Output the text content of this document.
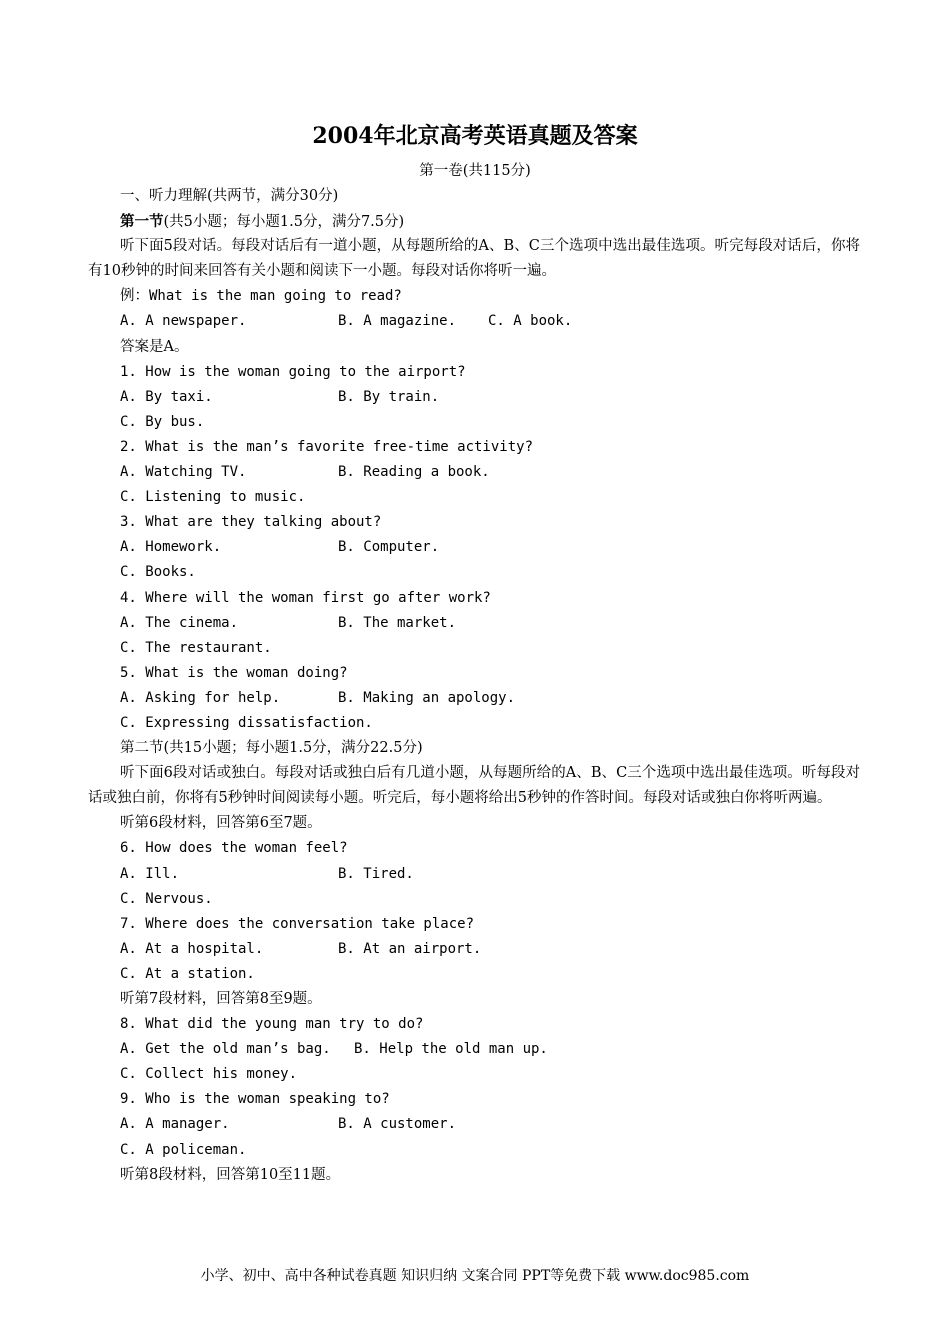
2004年北京高考英语真题及答案
第一卷(共115分)
一、听力理解(共两节，满分30分)
第一节(共5小题；每小题1.5分，满分7.5分)
听下面5段对话。每段对话后有一道小题，从每题所给的A、B、C三个选项中选出最佳选项。听完每段对话后，你将有10秒钟的时间来回答有关小题和阅读下一小题。每段对话你将听一遍。
例：What is the man going to read?
A. A newspaper.	B. A magazine. C. A book.
答案是A。
1. How is the woman going to the airport?
A. By taxi.	B. By train.
C. By bus.
2. What is the man’s favorite free-time activity?
A. Watching TV.	B. Reading a book.
C. Listening to music.
3. What are they talking about?
A. Homework.	B. Computer.
C. Books.
4. Where will the woman first go after work?
A. The cinema.	B. The market.
C. The restaurant.
5. What is the woman doing?
A. Asking for help.	B. Making an apology.
C. Expressing dissatisfaction.
第二节(共15小题；每小题1.5分，满分22.5分)
听下面6段对话或独白。每段对话或独白后有几道小题，从每题所给的A、B、C三个选项中选出最佳选项。听每段对话或独白前，你将有5秒钟时间阅读每小题。听完后，每小题将给出5秒钟的作答时间。每段对话或独白你将听两遍。
听第6段材料，回答第6至7题。
6. How does the woman feel?
A. Ill.	B. Tired.
C. Nervous.
7. Where does the conversation take place?
A. At a hospital.	B. At an airport.
C. At a station.
听第7段材料，回答第8至9题。
8. What did the young man try to do?
A. Get the old man’s bag. B. Help the old man up.
C. Collect his money.
9. Who is the woman speaking to?
A. A manager.	B. A customer.
C. A policeman.
听第8段材料，回答第10至11题。
小学、初中、高中各种试卷真题 知识归纳 文案合同 PPT等免费下载 www.doc985.com
